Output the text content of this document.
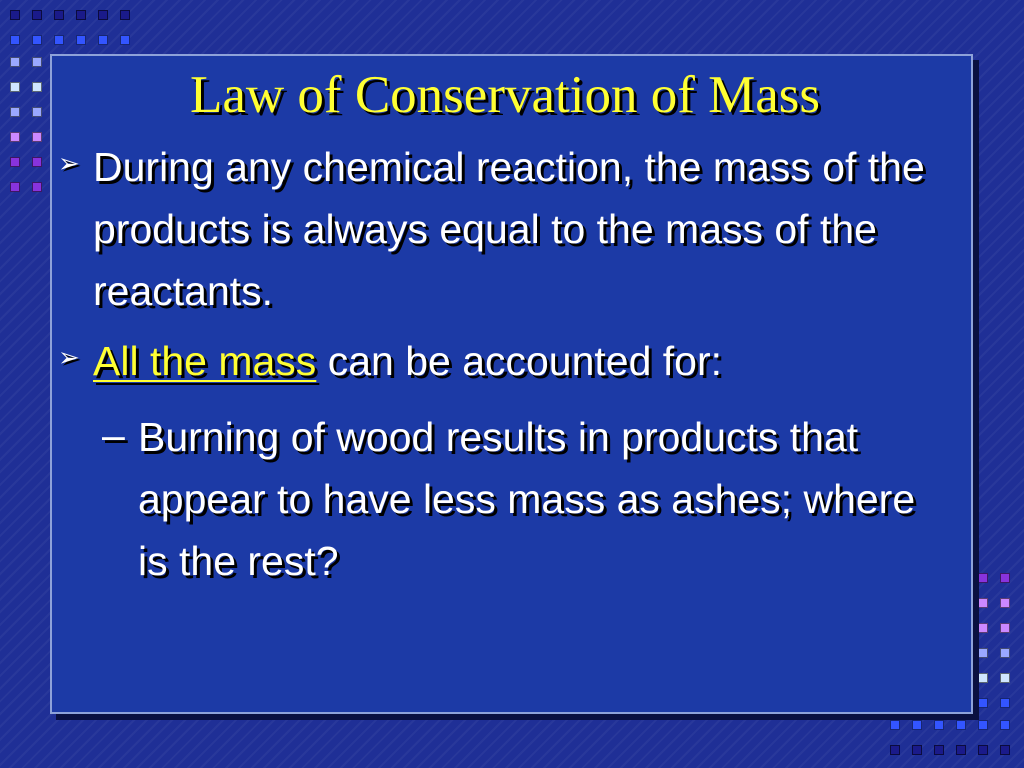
Law of Conservation of Mass
➢ During any chemical reaction, the mass of the products is always equal to the mass of the reactants.

➢ All the mass can be accounted for:

– Burning of wood results in products that appear to have less mass as ashes; where is the rest?
